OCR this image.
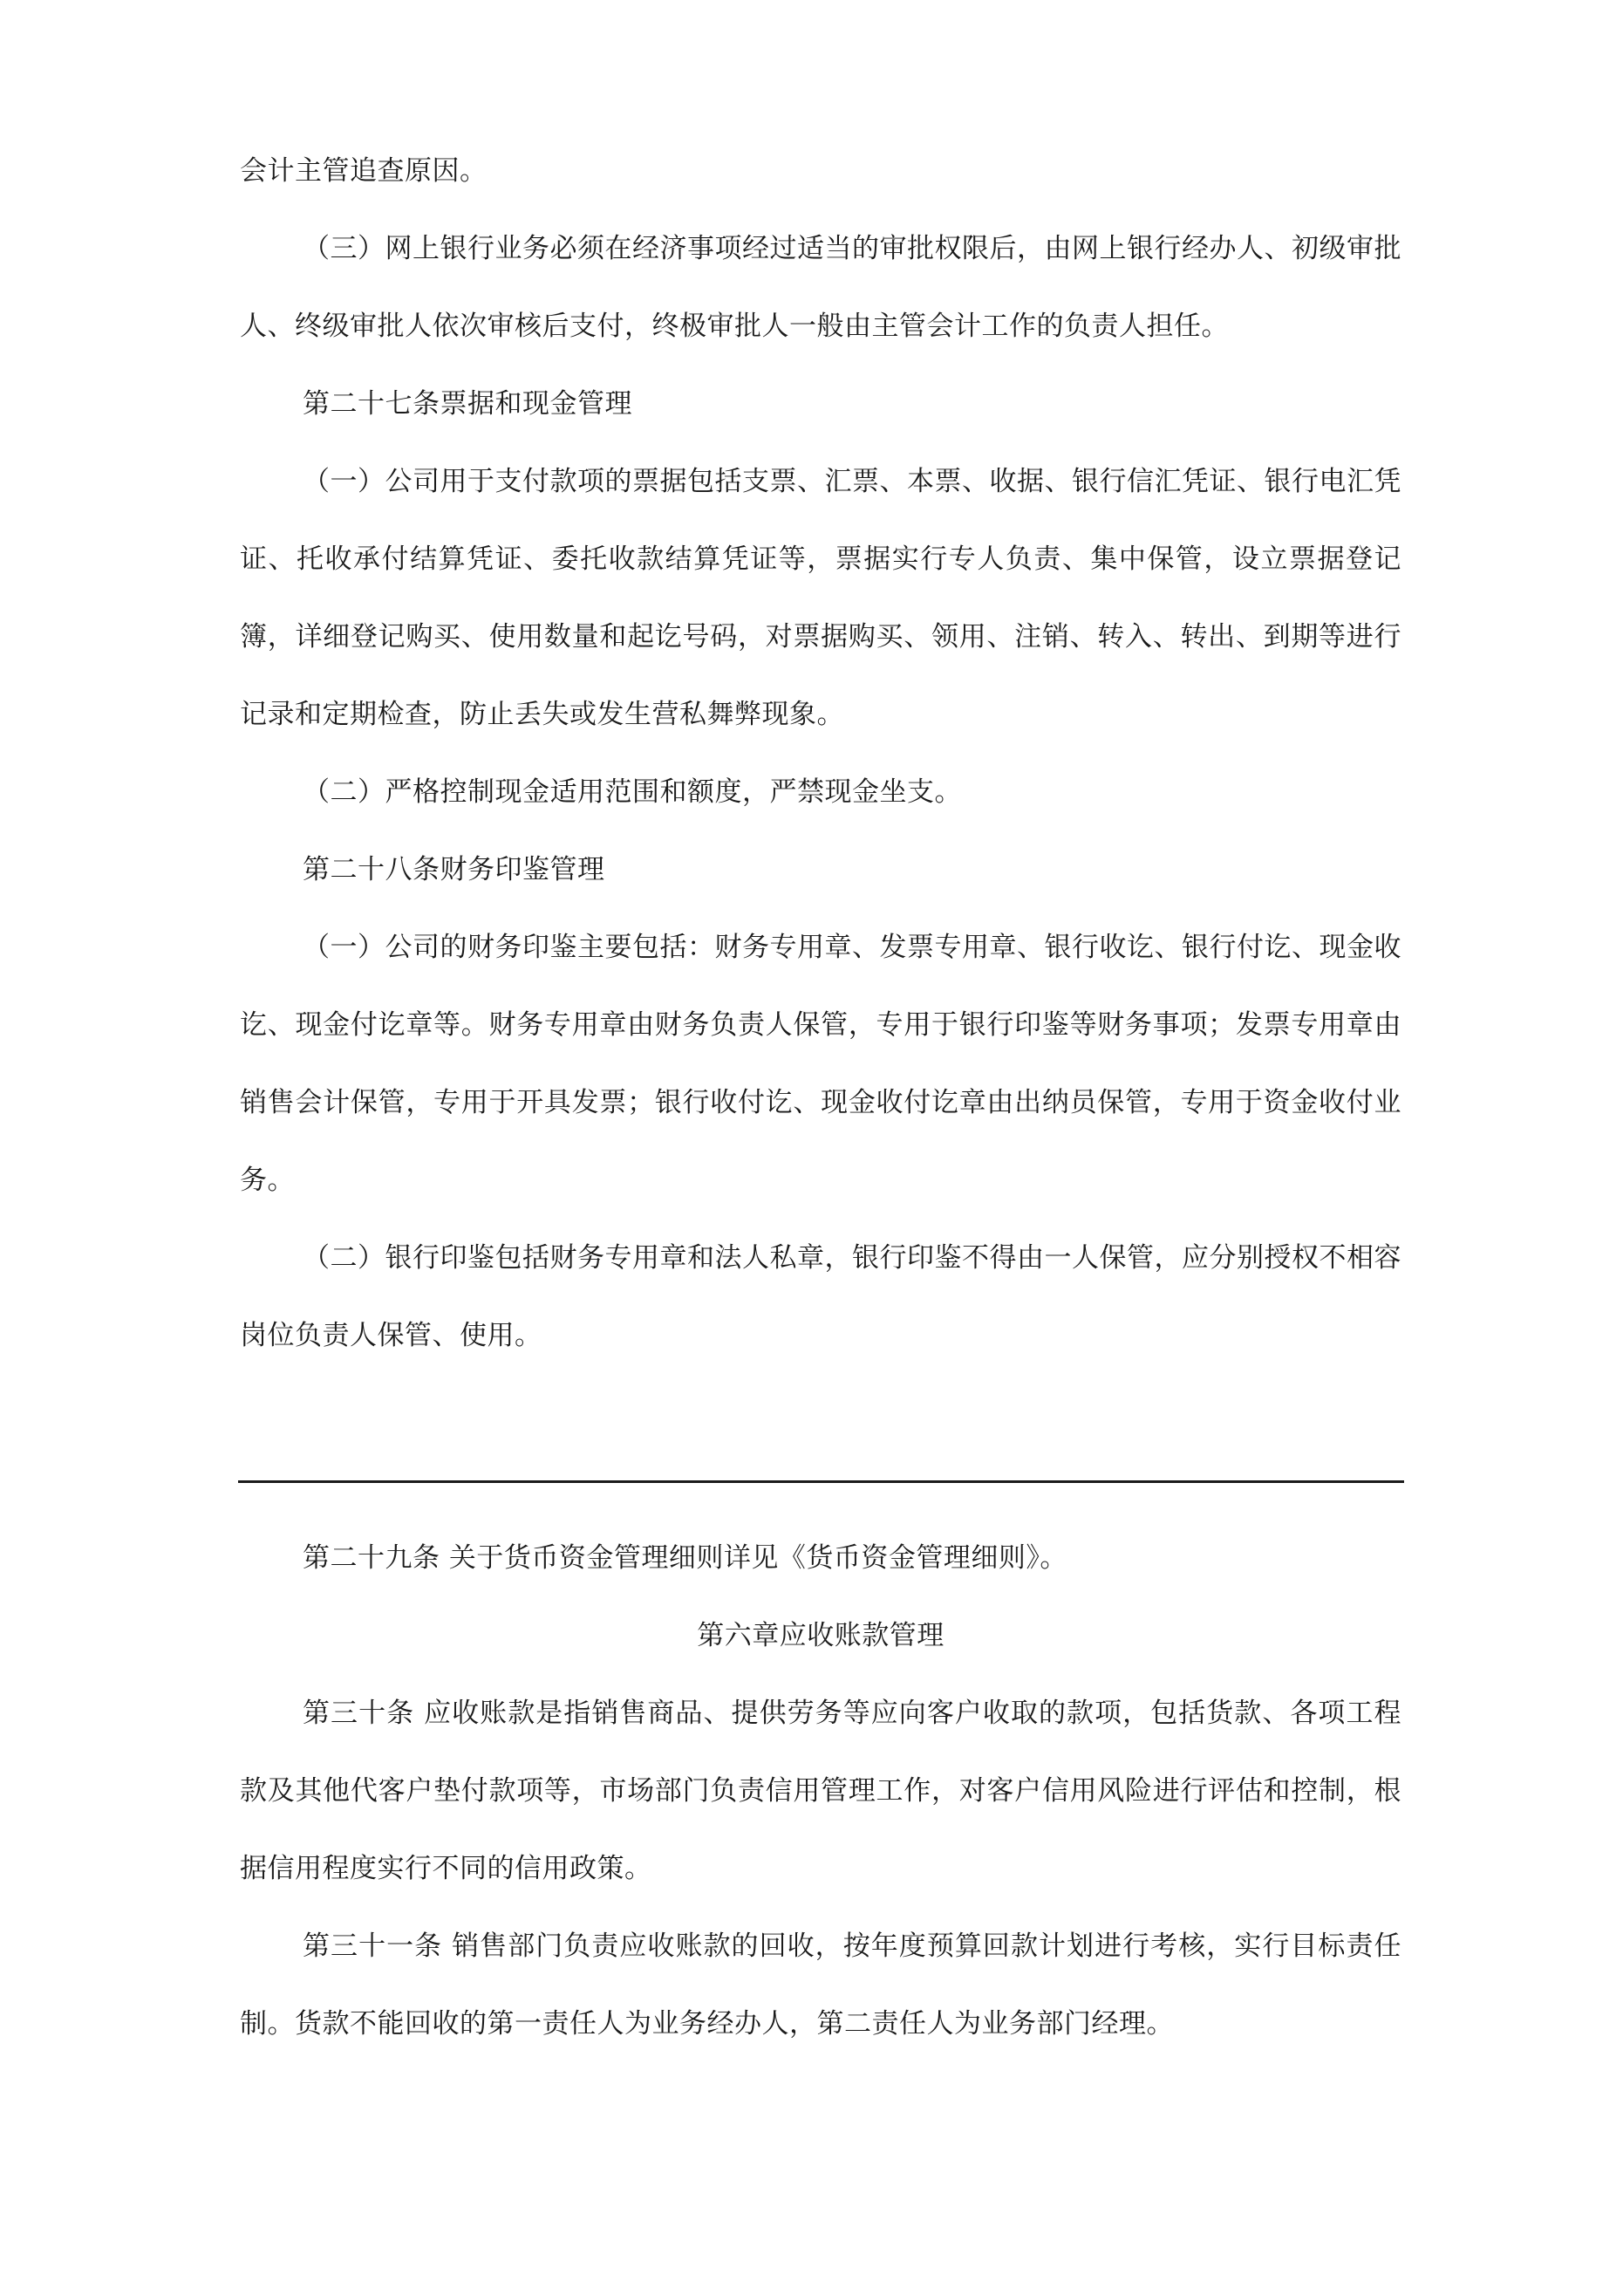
会计主管追查原因。

（三）网上银行业务必须在经济事项经过适当的审批权限后，由网上银行经办人、初级审批人、终级审批人依次审核后支付，终极审批人一般由主管会计工作的负责人担任。

第二十七条票据和现金管理

（一）公司用于支付款项的票据包括支票、汇票、本票、收据、银行信汇凭证、银行电汇凭证、托收承付结算凭证、委托收款结算凭证等，票据实行专人负责、集中保管，设立票据登记簿，详细登记购买、使用数量和起讫号码，对票据购买、领用、注销、转入、转出、到期等进行记录和定期检查，防止丢失或发生营私舞弊现象。

（二）严格控制现金适用范围和额度，严禁现金坐支。

第二十八条财务印鉴管理

（一）公司的财务印鉴主要包括：财务专用章、发票专用章、银行收讫、银行付讫、现金收讫、现金付讫章等。财务专用章由财务负责人保管，专用于银行印鉴等财务事项；发票专用章由销售会计保管，专用于开具发票；银行收付讫、现金收付讫章由出纳员保管，专用于资金收付业务。

（二）银行印鉴包括财务专用章和法人私章，银行印鉴不得由一人保管，应分别授权不相容岗位负责人保管、使用。

第二十九条 关于货币资金管理细则详见《货币资金管理细则》。

第六章应收账款管理

第三十条 应收账款是指销售商品、提供劳务等应向客户收取的款项，包括货款、各项工程款及其他代客户垫付款项等，市场部门负责信用管理工作，对客户信用风险进行评估和控制，根据信用程度实行不同的信用政策。

第三十一条 销售部门负责应收账款的回收，按年度预算回款计划进行考核，实行目标责任制。货款不能回收的第一责任人为业务经办人，第二责任人为业务部门经理。
